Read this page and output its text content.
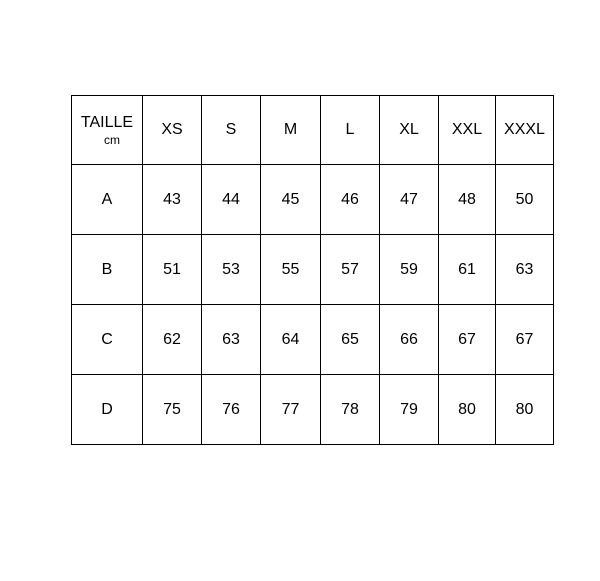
TAILLE
cm	XS	S	M	L	XL	XXL	XXXL
A	43	44	45	46	47	48	50
B	51	53	55	57	59	61	63
C	62	63	64	65	66	67	67
D	75	76	77	78	79	80	80
